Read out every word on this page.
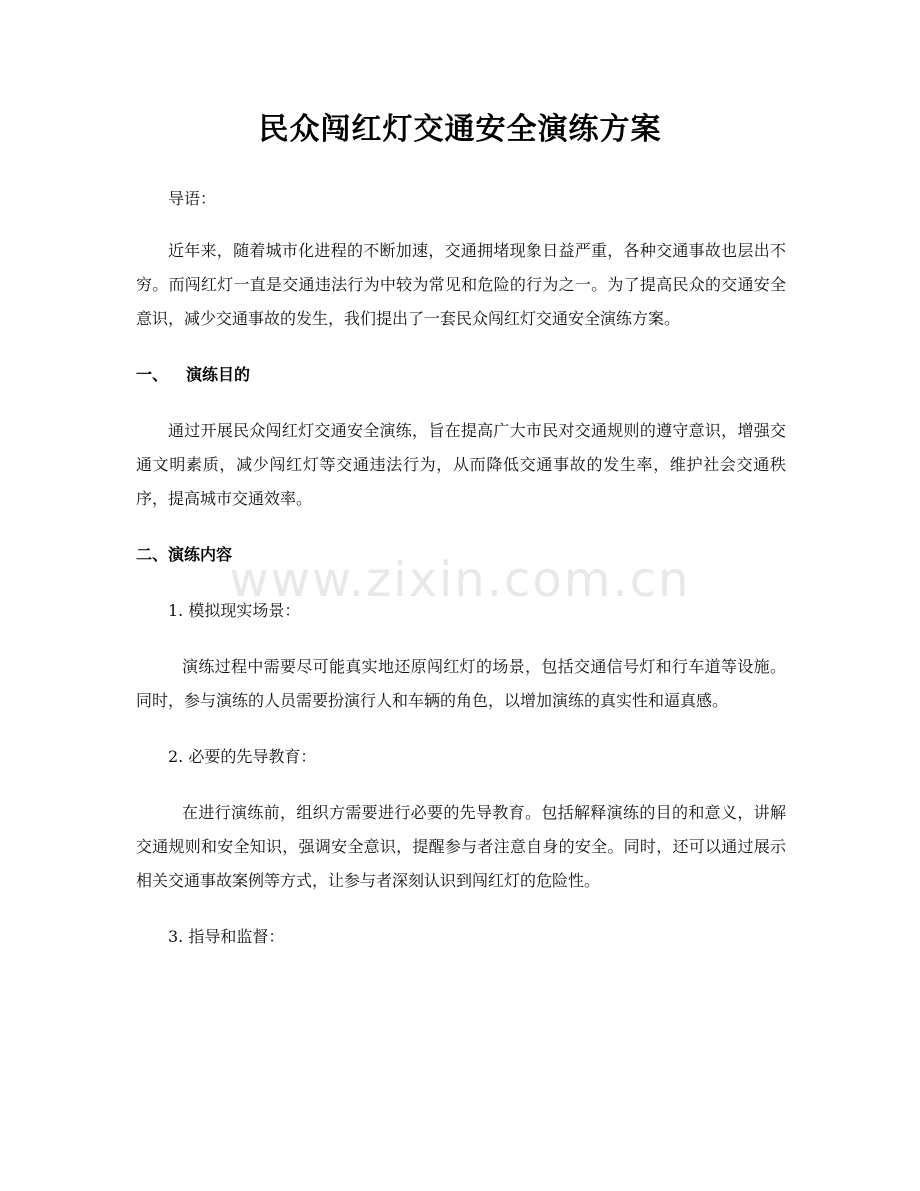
民众闯红灯交通安全演练方案

导语：

近年来，随着城市化进程的不断加速，交通拥堵现象日益严重，各种交通事故也层出不穷。而闯红灯一直是交通违法行为中较为常见和危险的行为之一。为了提高民众的交通安全意识，减少交通事故的发生，我们提出了一套民众闯红灯交通安全演练方案。

一、 演练目的

通过开展民众闯红灯交通安全演练，旨在提高广大市民对交通规则的遵守意识，增强交通文明素质，减少闯红灯等交通违法行为，从而降低交通事故的发生率，维护社会交通秩序，提高城市交通效率。

二、演练内容

1. 模拟现实场景：

演练过程中需要尽可能真实地还原闯红灯的场景，包括交通信号灯和行车道等设施。同时，参与演练的人员需要扮演行人和车辆的角色，以增加演练的真实性和逼真感。

2. 必要的先导教育：

在进行演练前，组织方需要进行必要的先导教育。包括解释演练的目的和意义，讲解交通规则和安全知识，强调安全意识，提醒参与者注意自身的安全。同时，还可以通过展示相关交通事故案例等方式，让参与者深刻认识到闯红灯的危险性。

3. 指导和监督：

www.zixin.com.cn
